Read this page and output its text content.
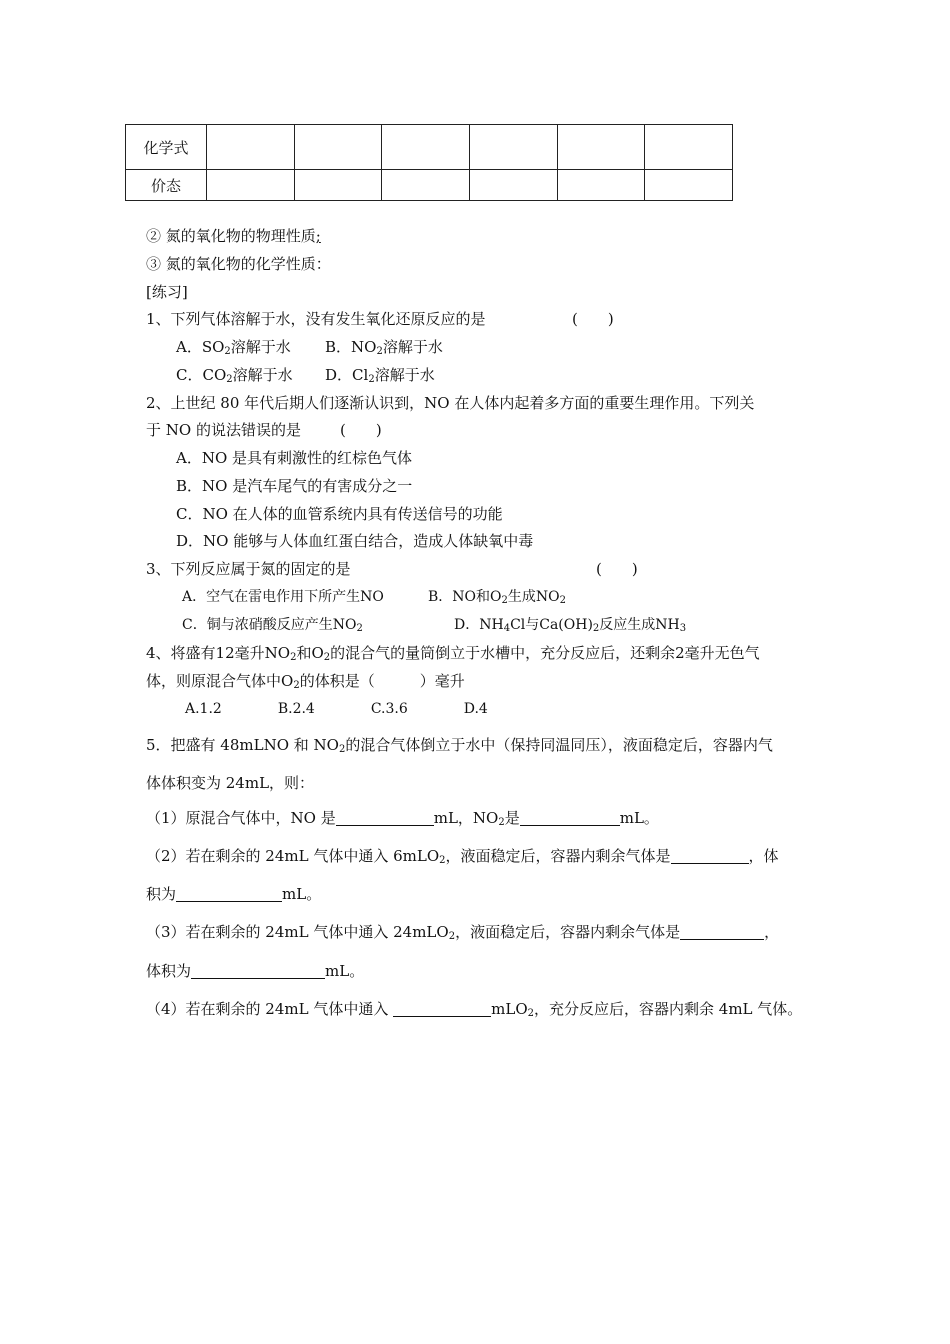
化学式						
价态						
② 氮的氧化物的物理性质;
③ 氮的氧化物的化学性质：
[练习]
1、下列气体溶解于水，没有发生氧化还原反应的是	(　　)
A．$SO_2$溶解于水 B．$NO_2$溶解于水
C．$CO_2$溶解于水 D．$Cl_2$溶解于水
2、上世纪 80 年代后期人们逐渐认识到，NO 在人体内起着多方面的重要生理作用。下列关
于 NO 的说法错误的是	(　　)
A．NO 是具有刺激性的红棕色气体
B．NO 是汽车尾气的有害成分之一
C．NO 在人体的血管系统内具有传送信号的功能
D．NO 能够与人体血红蛋白结合，造成人体缺氧中毒
3、下列反应属于氮的固定的是	(　　)
A．空气在雷电作用下所产生NO	B．NO和$O_2$生成$NO_2$
C．铜与浓硝酸反应产生$NO_2$	D．$NH_4Cl$与$Ca(OH)_2$反应生成$NH_3$
4、将盛有12毫升$NO_2$和$O_2$的混合气的量筒倒立于水槽中，充分反应后，还剩余2毫升无色气
体，则原混合气体中$O_2$的体积是（　　　）毫升
A.1.2　　　　B.2.4　　　　C.3.6　　　　D.4
5．把盛有 48mLNO 和 $NO_2$的混合气体倒立于水中（保持同温同压），液面稳定后，容器内气
体体积变为 24mL，则：
（1）原混合气体中，NO 是	mL，$NO_2$是	mL。
（2）若在剩余的 24mL 气体中通入 6mLO$_2$，液面稳定后，容器内剩余气体是	，体
积为	mL。
（3）若在剩余的 24mL 气体中通入 24mLO$_2$，液面稳定后，容器内剩余气体是	，
体积为	mL。
（4）若在剩余的 24mL 气体中通入	mLO$_2$，充分反应后，容器内剩余 4mL 气体。
